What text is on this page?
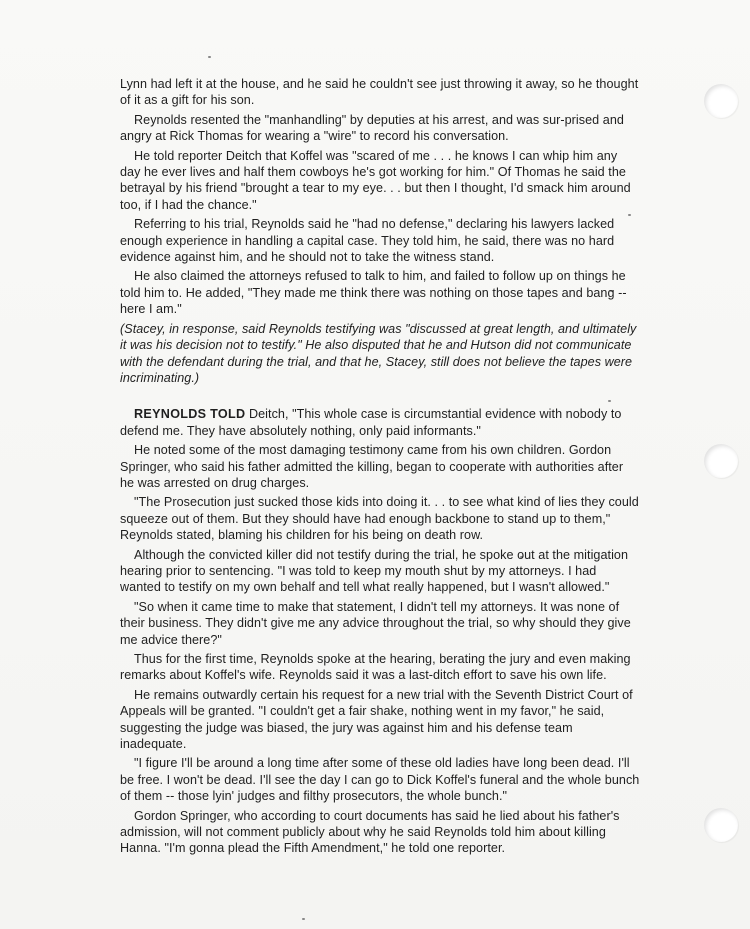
Lynn had left it at the house, and he said he couldn't see just throwing it away, so he thought of it as a gift for his son.

Reynolds resented the "manhandling" by deputies at his arrest, and was sur-prised and angry at Rick Thomas for wearing a "wire" to record his conversation.

He told reporter Deitch that Koffel was "scared of me . . . he knows I can whip him any day he ever lives and half them cowboys he's got working for him." Of Thomas he said the betrayal by his friend "brought a tear to my eye. . . but then I thought, I'd smack him around too, if I had the chance."

Referring to his trial, Reynolds said he "had no defense," declaring his lawyers lacked enough experience in handling a capital case. They told him, he said, there was no hard evidence against him, and he should not to take the witness stand.

He also claimed the attorneys refused to talk to him, and failed to follow up on things he told him to. He added, "They made me think there was nothing on those tapes and bang -- here I am."

(Stacey, in response, said Reynolds testifying was "discussed at great length, and ultimately it was his decision not to testify." He also disputed that he and Hutson did not communicate with the defendant during the trial, and that he, Stacey, still does not believe the tapes were incriminating.)

REYNOLDS TOLD Deitch, "This whole case is circumstantial evidence with nobody to defend me. They have absolutely nothing, only paid informants."

He noted some of the most damaging testimony came from his own children. Gordon Springer, who said his father admitted the killing, began to cooperate with authorities after he was arrested on drug charges.

"The Prosecution just sucked those kids into doing it. . . to see what kind of lies they could squeeze out of them. But they should have had enough backbone to stand up to them," Reynolds stated, blaming his children for his being on death row.

Although the convicted killer did not testify during the trial, he spoke out at the mitigation hearing prior to sentencing. "I was told to keep my mouth shut by my attorneys. I had wanted to testify on my own behalf and tell what really happened, but I wasn't allowed."

"So when it came time to make that statement, I didn't tell my attorneys. It was none of their business. They didn't give me any advice throughout the trial, so why should they give me advice there?"

Thus for the first time, Reynolds spoke at the hearing, berating the jury and even making remarks about Koffel's wife. Reynolds said it was a last-ditch effort to save his own life.

He remains outwardly certain his request for a new trial with the Seventh District Court of Appeals will be granted. "I couldn't get a fair shake, nothing went in my favor," he said, suggesting the judge was biased, the jury was against him and his defense team inadequate.

"I figure I'll be around a long time after some of these old ladies have long been dead. I'll be free. I won't be dead. I'll see the day I can go to Dick Koffel's funeral and the whole bunch of them -- those lyin' judges and filthy prosecutors, the whole bunch."

Gordon Springer, who according to court documents has said he lied about his father's admission, will not comment publicly about why he said Reynolds told him about killing Hanna. "I'm gonna plead the Fifth Amendment," he told one reporter.
